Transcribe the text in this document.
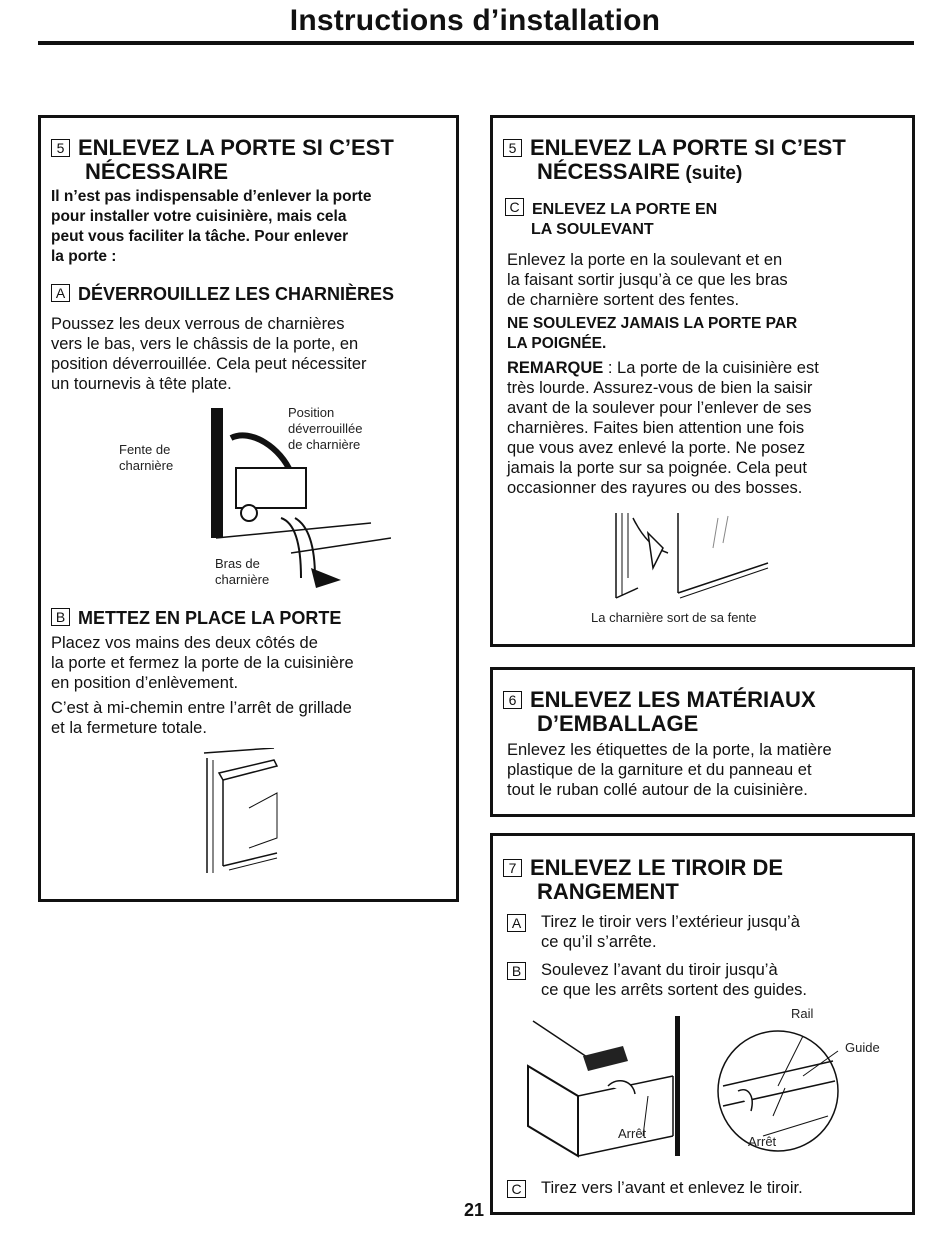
Instructions d’installation
5 ENLEVEZ LA PORTE SI C’EST
NÉCESSAIRE
Il n’est pas indispensable d’enlever la porte
pour installer votre cuisinière, mais cela
peut vous faciliter la tâche. Pour enlever
la porte :
A DÉVERROUILLEZ LES CHARNIÈRES
Poussez les deux verrous de charnières
vers le bas, vers le châssis de la porte, en
position déverrouillée. Cela peut nécessiter
un tournevis à tête plate.
Position
déverrouillée
de charnière
Fente de
charnière
Bras de
charnière
B METTEZ EN PLACE LA PORTE
Placez vos mains des deux côtés de
la porte et fermez la porte de la cuisinière
en position d’enlèvement.
C’est à mi-chemin entre l’arrêt de grillade
et la fermeture totale.
5 ENLEVEZ LA PORTE SI C’EST
NÉCESSAIRE (suite)
C ENLEVEZ LA PORTE EN
LA SOULEVANT
Enlevez la porte en la soulevant et en
la faisant sortir jusqu’à ce que les bras
de charnière sortent des fentes.
NE SOULEVEZ JAMAIS LA PORTE PAR
LA POIGNÉE.
REMARQUE : La porte de la cuisinière est
très lourde. Assurez-vous de bien la saisir
avant de la soulever pour l’enlever de ses
charnières. Faites bien attention une fois
que vous avez enlevé la porte. Ne posez
jamais la porte sur sa poignée. Cela peut
occasionner des rayures ou des bosses.
La charnière sort de sa fente
6 ENLEVEZ LES MATÉRIAUX
D’EMBALLAGE
Enlevez les étiquettes de la porte, la matière
plastique de la garniture et du panneau et
tout le ruban collé autour de la cuisinière.
7 ENLEVEZ LE TIROIR DE
RANGEMENT
A Tirez le tiroir vers l’extérieur jusqu’à
ce qu’il s’arrête.
B Soulevez l’avant du tiroir jusqu’à
ce que les arrêts sortent des guides.
Rail
Guide
Arrêt
Arrêt
C Tirez vers l’avant et enlevez le tiroir.
21
